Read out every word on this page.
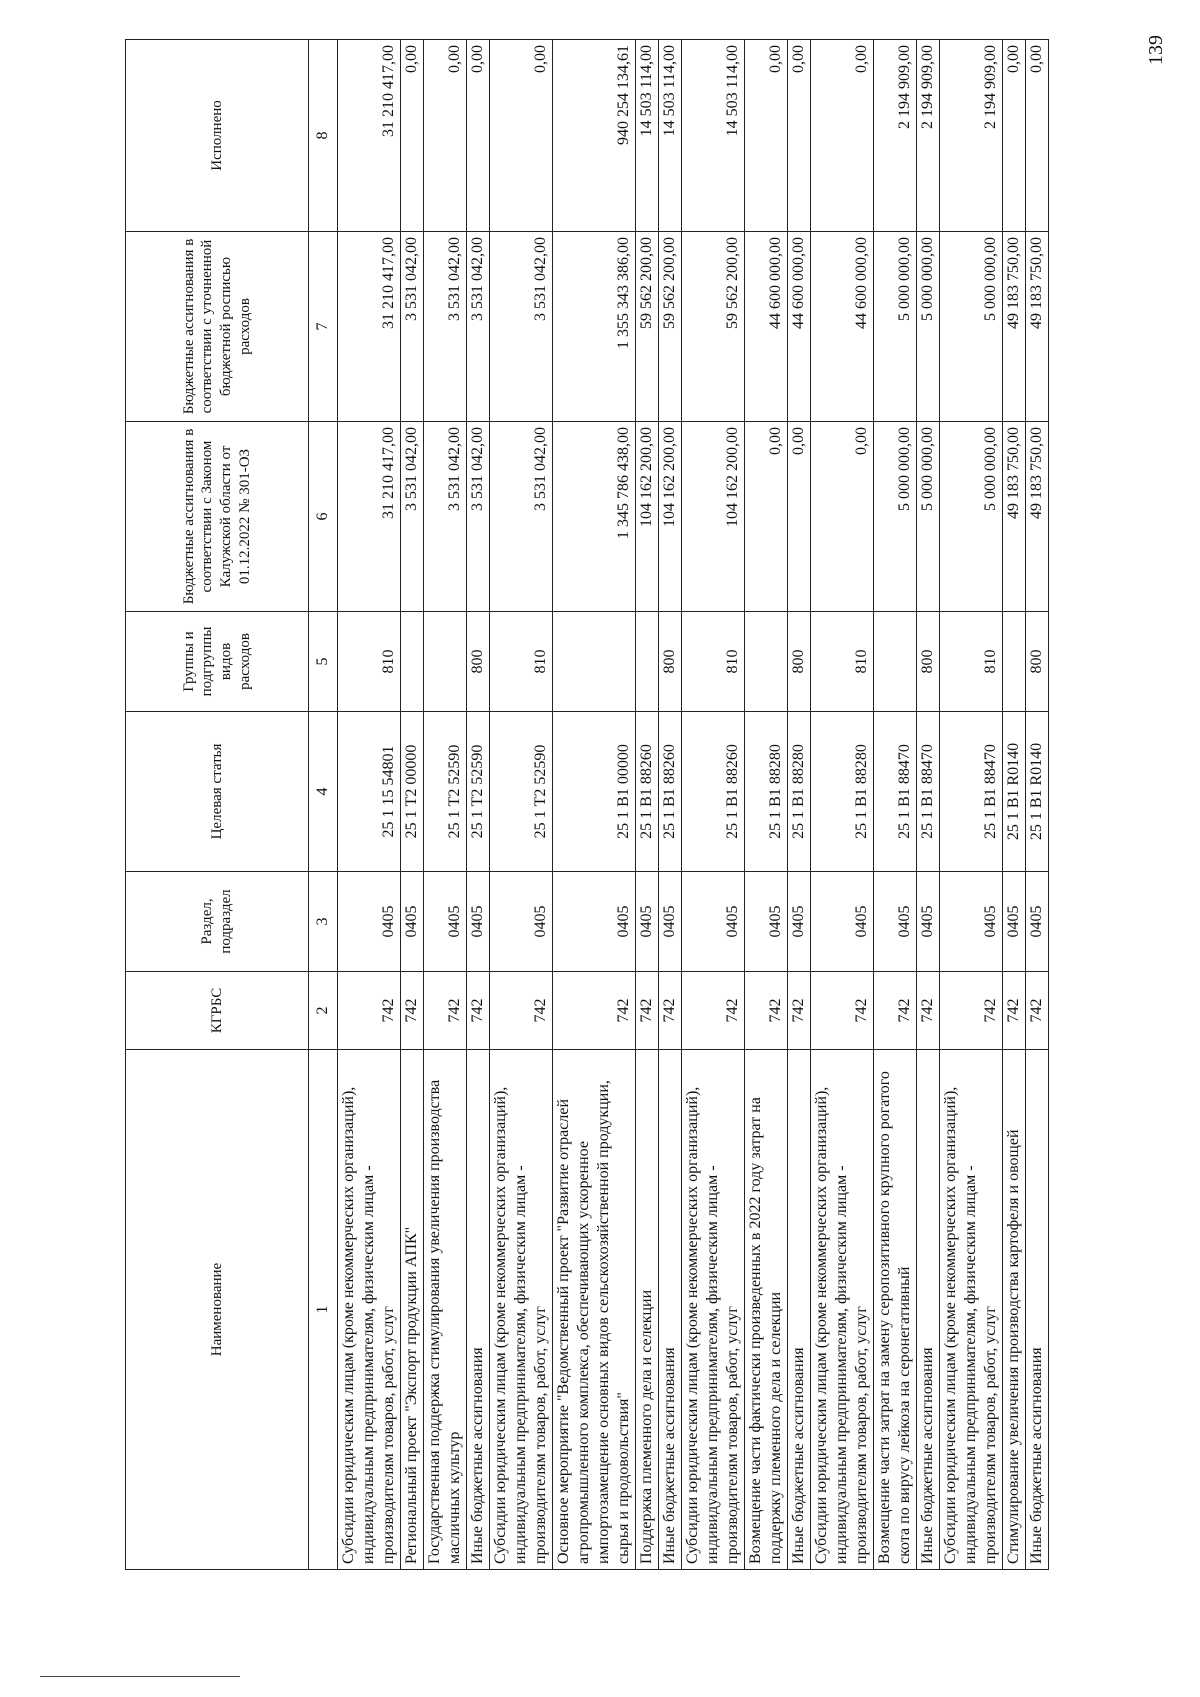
Наименование	КГРБС	Раздел, подраздел	Целевая статья	Группы и подгруппы видов расходов	Бюджетные ассигнования в соответствии с Законом Калужской области от 01.12.2022 № 301-ОЗ	Бюджетные ассигнования в соответствии с уточненной бюджетной росписью расходов	Исполнено
1	2	3	4	5	6	7	8
Субсидии юридическим лицам (кроме некоммерческих организаций), индивидуальным предпринимателям, физическим лицам - производителям товаров, работ, услуг	742	0405	25 1 15 54801	810	31 210 417,00	31 210 417,00	31 210 417,00
Региональный проект "Экспорт продукции АПК"	742	0405	25 1 Т2 00000		3 531 042,00	3 531 042,00	0,00
Государственная поддержка стимулирования увеличения производства масличных культур	742	0405	25 1 Т2 52590		3 531 042,00	3 531 042,00	0,00
Иные бюджетные ассигнования	742	0405	25 1 Т2 52590	800	3 531 042,00	3 531 042,00	0,00
Субсидии юридическим лицам (кроме некоммерческих организаций), индивидуальным предпринимателям, физическим лицам - производителям товаров, работ, услуг	742	0405	25 1 Т2 52590	810	3 531 042,00	3 531 042,00	0,00
Основное мероприятие "Ведомственный проект "Развитие отраслей агропромышленного комплекса, обеспечивающих ускоренное импортозамещение основных видов сельскохозяйственной продукции, сырья и продовольствия"	742	0405	25 1 В1 00000		1 345 786 438,00	1 355 343 386,00	940 254 134,61
Поддержка племенного дела и селекции	742	0405	25 1 В1 88260		104 162 200,00	59 562 200,00	14 503 114,00
Иные бюджетные ассигнования	742	0405	25 1 В1 88260	800	104 162 200,00	59 562 200,00	14 503 114,00
Субсидии юридическим лицам (кроме некоммерческих организаций), индивидуальным предпринимателям, физическим лицам - производителям товаров, работ, услуг	742	0405	25 1 В1 88260	810	104 162 200,00	59 562 200,00	14 503 114,00
Возмещение части фактически произведенных в 2022 году затрат на поддержку племенного дела и селекции	742	0405	25 1 В1 88280		0,00	44 600 000,00	0,00
Иные бюджетные ассигнования	742	0405	25 1 В1 88280	800	0,00	44 600 000,00	0,00
Субсидии юридическим лицам (кроме некоммерческих организаций), индивидуальным предпринимателям, физическим лицам - производителям товаров, работ, услуг	742	0405	25 1 В1 88280	810	0,00	44 600 000,00	0,00
Возмещение части затрат на замену серопозитивного крупного рогатого скота по вирусу лейкоза на серонегативный	742	0405	25 1 В1 88470		5 000 000,00	5 000 000,00	2 194 909,00
Иные бюджетные ассигнования	742	0405	25 1 В1 88470	800	5 000 000,00	5 000 000,00	2 194 909,00
Субсидии юридическим лицам (кроме некоммерческих организаций), индивидуальным предпринимателям, физическим лицам - производителям товаров, работ, услуг	742	0405	25 1 В1 88470	810	5 000 000,00	5 000 000,00	2 194 909,00
Стимулирование увеличения производства картофеля и овощей	742	0405	25 1 В1 R0140		49 183 750,00	49 183 750,00	0,00
Иные бюджетные ассигнования	742	0405	25 1 В1 R0140	800	49 183 750,00	49 183 750,00	0,00	139
